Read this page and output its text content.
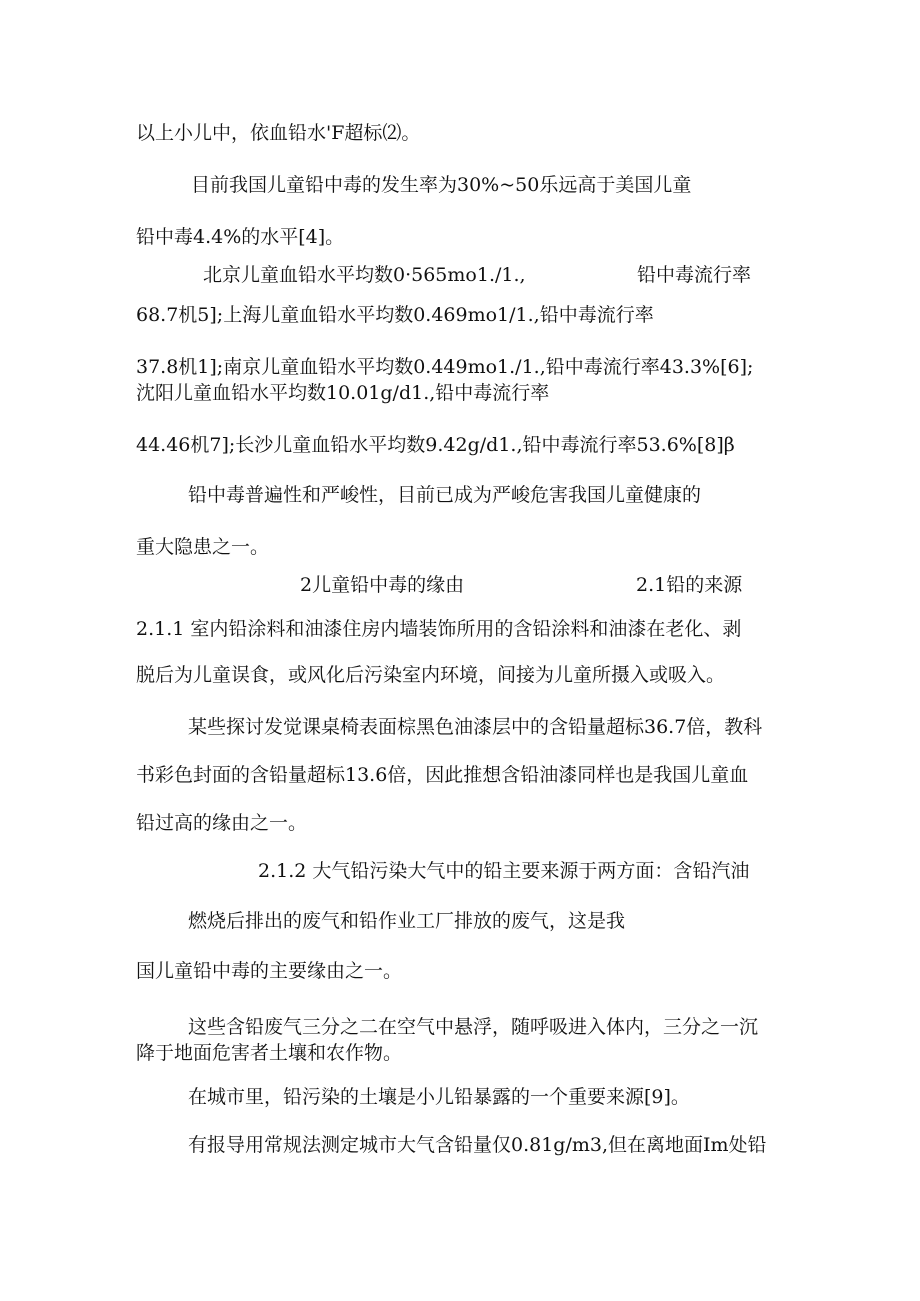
以上小儿中，依血铅水'F超标⑵。
目前我国儿童铅中毒的发生率为30%~50乐远高于美国儿童
铅中毒4.4%的水平[4]。
北京儿童血铅水平均数0·565mo1./1.,	铅中毒流行率
68.7机5];上海儿童血铅水平均数0.469mo1/1.,铅中毒流行率
37.8机1];南京儿童血铅水平均数0.449mo1./1.,铅中毒流行率43.3%[6];
沈阳儿童血铅水平均数10.01g/d1.,铅中毒流行率
44.46机7];长沙儿童血铅水平均数9.42g/d1.,铅中毒流行率53.6%[8]β
铅中毒普遍性和严峻性，目前已成为严峻危害我国儿童健康的
重大隐患之一。
2儿童铅中毒的缘由	2.1铅的来源
2.1.1 室内铅涂料和油漆住房内墙装饰所用的含铅涂料和油漆在老化、剥
脱后为儿童误食，或风化后污染室内环境，间接为儿童所摄入或吸入。
某些探讨发觉课桌椅表面棕黑色油漆层中的含铅量超标36.7倍，教科
书彩色封面的含铅量超标13.6倍，因此推想含铅油漆同样也是我国儿童血
铅过高的缘由之一。
2.1.2 大气铅污染大气中的铅主要来源于两方面：含铅汽油
燃烧后排出的废气和铅作业工厂排放的废气，这是我
国儿童铅中毒的主要缘由之一。
这些含铅废气三分之二在空气中悬浮，随呼吸进入体内，三分之一沉
降于地面危害者土壤和农作物。
在城市里，铅污染的土壤是小儿铅暴露的一个重要来源[9]。
有报导用常规法测定城市大气含铅量仅0.81g/m3,但在离地面Im处铅
